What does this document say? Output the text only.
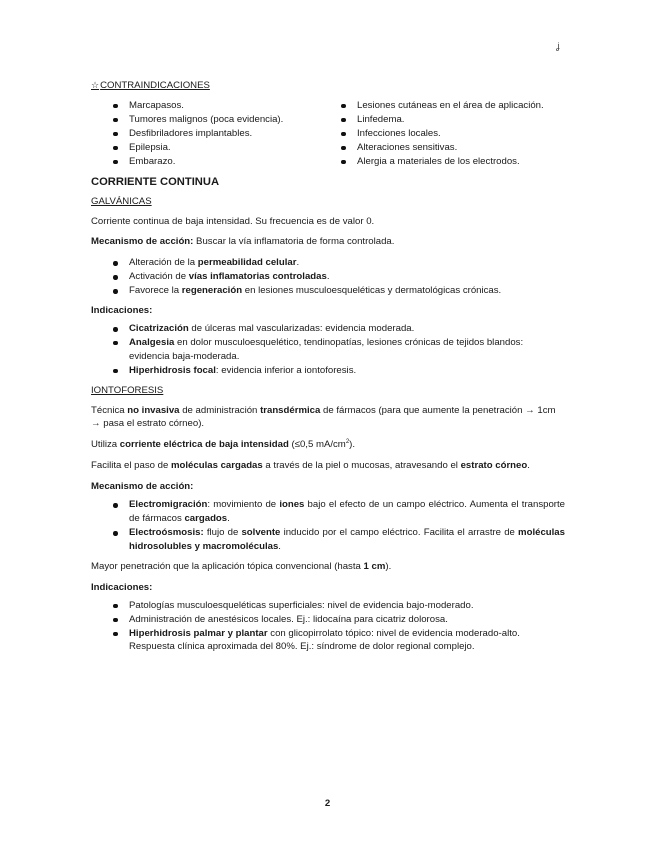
ʝ
☆CONTRAINDICACIONES
Marcapasos.
Tumores malignos (poca evidencia).
Desfibriladores implantables.
Epilepsia.
Embarazo.
Lesiones cutáneas en el área de aplicación.
Linfedema.
Infecciones locales.
Alteraciones sensitivas.
Alergia a materiales de los electrodos.
CORRIENTE CONTINUA
GALVÁNICAS

Corriente continua de baja intensidad. Su frecuencia es de valor 0.

Mecanismo de acción: Buscar la vía inflamatoria de forma controlada.

Alteración de la permeabilidad celular.
Activación de vías inflamatorias controladas.
Favorece la regeneración en lesiones musculoesqueléticas y dermatológicas crónicas.
Indicaciones:
Cicatrización de úlceras mal vascularizadas: evidencia moderada.
Analgesia en dolor musculoesquelético, tendinopatías, lesiones crónicas de tejidos blandos: evidencia baja-moderada.
Hiperhidrosis focal: evidencia inferior a iontoforesis.
IONTOFORESIS

Técnica no invasiva de administración transdérmica de fármacos (para que aumente la penetración → 1cm → pasa el estrato córneo).

Utiliza corriente eléctrica de baja intensidad (≤0,5 $mA/cm^2$).

Facilita el paso de moléculas cargadas a través de la piel o mucosas, atravesando el estrato córneo.

Mecanismo de acción:
Electromigración: movimiento de iones bajo el efecto de un campo eléctrico. Aumenta el transporte de fármacos cargados.
Electroósmosis: flujo de solvente inducido por el campo eléctrico. Facilita el arrastre de moléculas hidrosolubles y macromoléculas.

Mayor penetración que la aplicación tópica convencional (hasta 1 cm).

Indicaciones:
Patologías musculoesqueléticas superficiales: nivel de evidencia bajo-moderado.
Administración de anestésicos locales. Ej.: lidocaína para cicatriz dolorosa.
Hiperhidrosis palmar y plantar con glicopirrolato tópico: nivel de evidencia moderado-alto. Respuesta clínica aproximada del 80%. Ej.: síndrome de dolor regional complejo.
2
